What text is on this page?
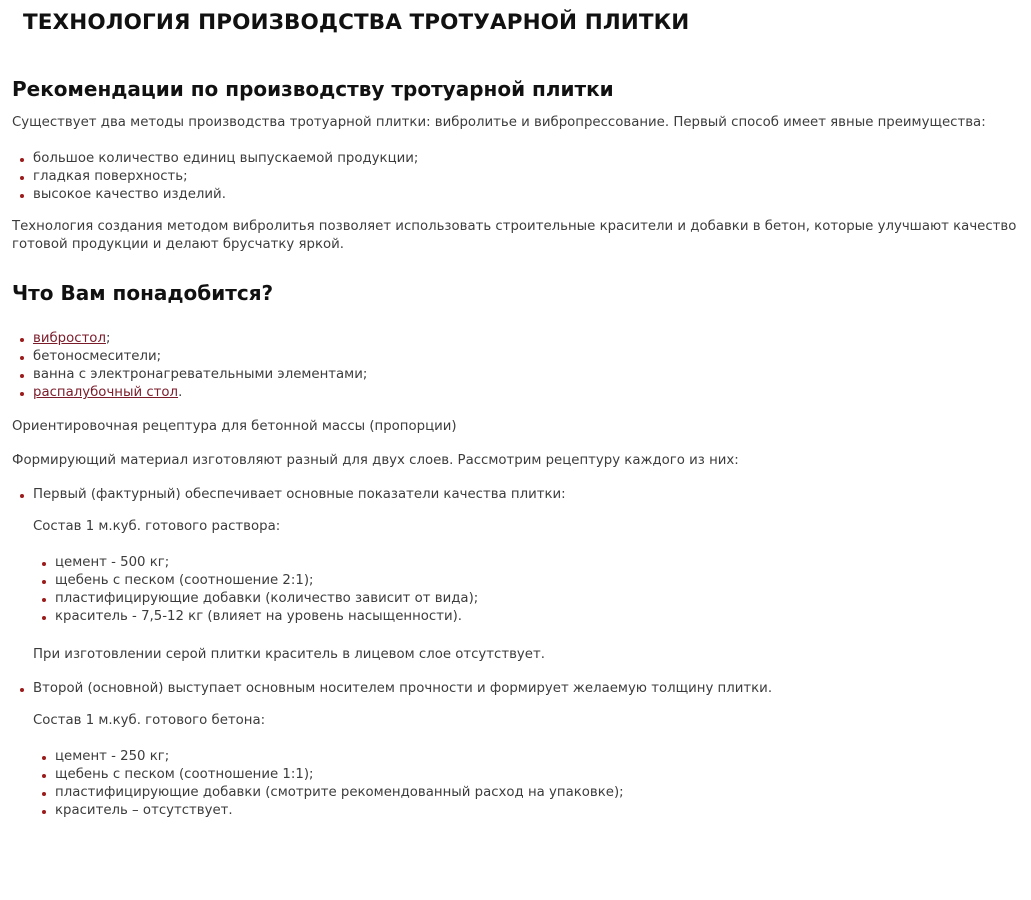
ТЕХНОЛОГИЯ ПРОИЗВОДСТВА ТРОТУАРНОЙ ПЛИТКИ
Рекомендации по производству тротуарной плитки

Существует два методы производства тротуарной плитки: вибролитье и вибропрессование. Первый способ имеет явные преимущества:

большое количество единиц выпускаемой продукции;
гладкая поверхность;
высокое качество изделий.

Технология создания методом вибролитья позволяет использовать строительные красители и добавки в бетон, которые улучшают качество готовой продукции и делают брусчатку яркой.

Что Вам понадобится?
вибростол;
бетоносмесители;
ванна с электронагревательными элементами;
распалубочный стол.

Ориентировочная рецептура для бетонной массы (пропорции)

Формирующий материал изготовляют разный для двух слоев. Рассмотрим рецептуру каждого из них:

Первый (фактурный) обеспечивает основные показатели качества плитки:

Состав 1 м.куб. готового раствора:

цемент - 500 кг;
щебень с песком (соотношение 2:1);
пластифицирующие добавки (количество зависит от вида);
краситель - 7,5-12 кг (влияет на уровень насыщенности).

При изготовлении серой плитки краситель в лицевом слое отсутствует.

Второй (основной) выступает основным носителем прочности и формирует желаемую толщину плитки.

Состав 1 м.куб. готового бетона:

цемент - 250 кг;
щебень с песком (соотношение 1:1);
пластифицирующие добавки (смотрите рекомендованный расход на упаковке);
краситель – отсутствует.
